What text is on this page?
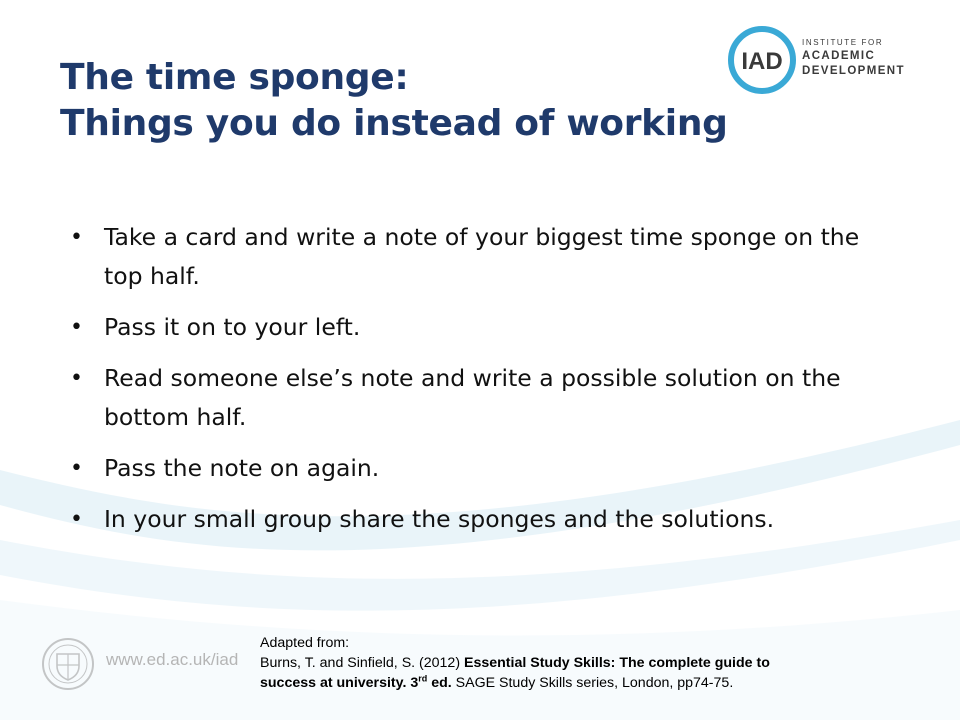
IAD
INSTITUTE FOR
ACADEMIC
DEVELOPMENT
The time sponge:
Things you do instead of working
• Take a card and write a note of your biggest time sponge on the top half.
• Pass it on to your left.
• Read someone else’s note and write a possible solution on the bottom half.
• Pass the note on again.
• In your small group share the sponges and the solutions.
www.ed.ac.uk/iad
Adapted from:
Burns, T. and Sinfield, S. (2012) Essential Study Skills: The complete guide to
success at university. 3rd ed. SAGE Study Skills series, London, pp74-75.
